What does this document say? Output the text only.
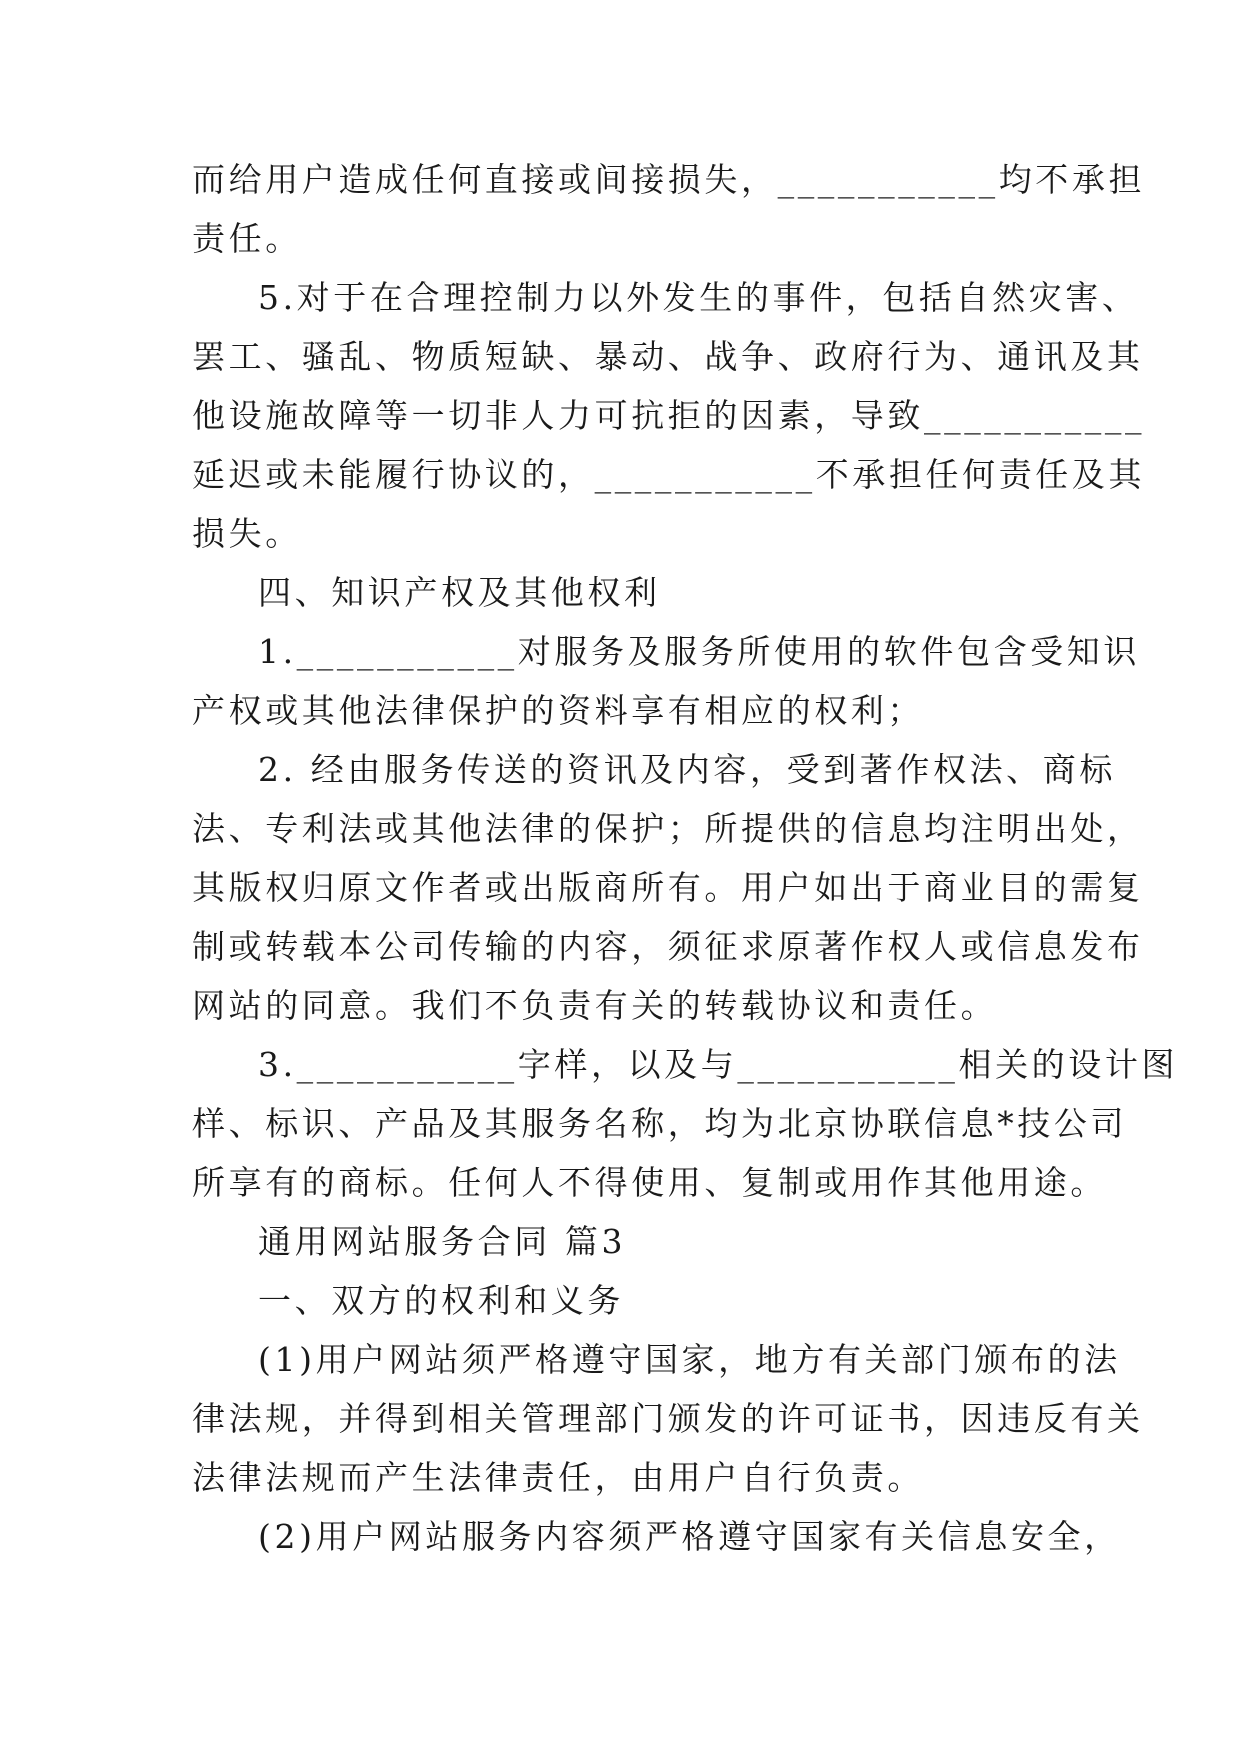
而给用户造成任何直接或间接损失，___________均不承担
责任。
5.对于在合理控制力以外发生的事件，包括自然灾害、
罢工、骚乱、物质短缺、暴动、战争、政府行为、通讯及其
他设施故障等一切非人力可抗拒的因素，导致___________
延迟或未能履行协议的，___________不承担任何责任及其
损失。
四、知识产权及其他权利
1.___________对服务及服务所使用的软件包含受知识
产权或其他法律保护的资料享有相应的权利；
2. 经由服务传送的资讯及内容，受到著作权法、商标
法、专利法或其他法律的保护；所提供的信息均注明出处，
其版权归原文作者或出版商所有。用户如出于商业目的需复
制或转载本公司传输的内容，须征求原著作权人或信息发布
网站的同意。我们不负责有关的转载协议和责任。
3.___________字样，以及与___________相关的设计图
样、标识、产品及其服务名称，均为北京协联信息*技公司
所享有的商标。任何人不得使用、复制或用作其他用途。
通用网站服务合同 篇3
一、双方的权利和义务
(1)用户网站须严格遵守国家，地方有关部门颁布的法
律法规，并得到相关管理部门颁发的许可证书，因违反有关
法律法规而产生法律责任，由用户自行负责。
(2)用户网站服务内容须严格遵守国家有关信息安全，
